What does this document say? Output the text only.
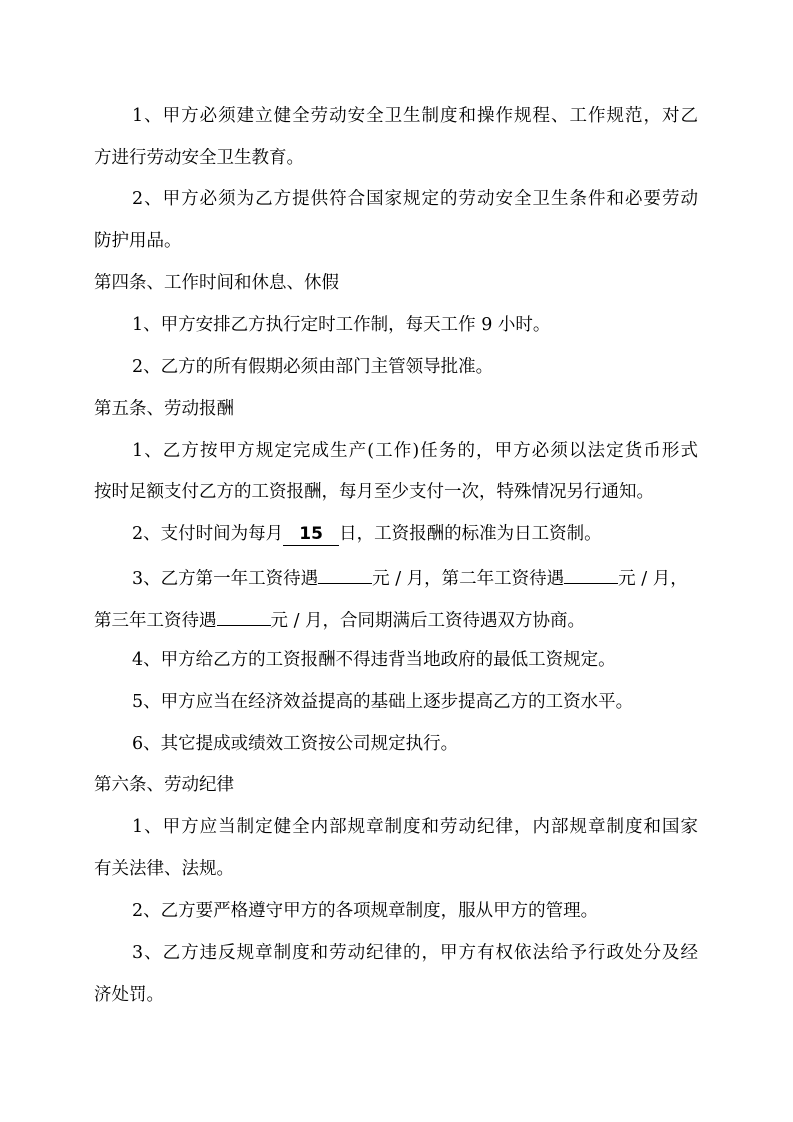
1、甲方必须建立健全劳动安全卫生制度和操作规程、工作规范，对乙
方进行劳动安全卫生教育。
2、甲方必须为乙方提供符合国家规定的劳动安全卫生条件和必要劳动
防护用品。
第四条、工作时间和休息、休假
1、甲方安排乙方执行定时工作制，每天工作 9 小时。
2、乙方的所有假期必须由部门主管领导批准。
第五条、劳动报酬
1、乙方按甲方规定完成生产(工作)任务的，甲方必须以法定货币形式
按时足额支付乙方的工资报酬，每月至少支付一次，特殊情况另行通知。
2、支付时间为每月 15 日，工资报酬的标准为日工资制。
3、乙方第一年工资待遇	元 / 月，第二年工资待遇	元 / 月，
第三年工资待遇	元 / 月，合同期满后工资待遇双方协商。
4、甲方给乙方的工资报酬不得违背当地政府的最低工资规定。
5、甲方应当在经济效益提高的基础上逐步提高乙方的工资水平。
6、其它提成或绩效工资按公司规定执行。
第六条、劳动纪律
1、甲方应当制定健全内部规章制度和劳动纪律，内部规章制度和国家
有关法律、法规。
2、乙方要严格遵守甲方的各项规章制度，服从甲方的管理。
3、乙方违反规章制度和劳动纪律的，甲方有权依法给予行政处分及经
济处罚。
